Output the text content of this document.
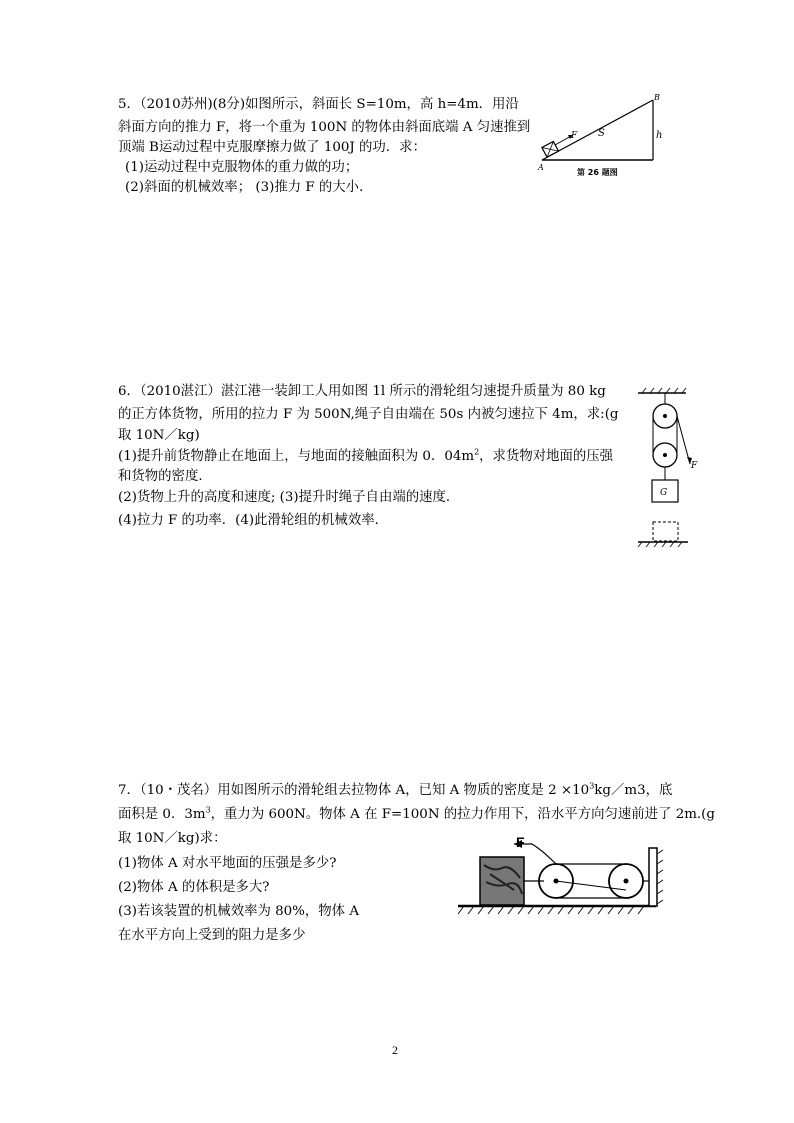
5．（2010苏州)(8分)如图所示，斜面长 S=10m，高 h=4m．用沿
斜面方向的推力 F，将一个重为 100N 的物体由斜面底端 A 匀速推到
顶端 B运动过程中克服摩擦力做了 100J 的功．求：
(1)运动过程中克服物体的重力做的功；
(2)斜面的机械效率； (3)推力 F 的大小．
F S	h
B
A
第 26 题图
6．（2010湛江）湛江港一装卸工人用如图 1l 所示的滑轮组匀速提升质量为 80 kg
的正方体货物，所用的拉力 F 为 500N,绳子自由端在 50s 内被匀速拉下 4m，求:(g
取 10N／kg)
(1)提升前货物静止在地面上，与地面的接触面积为 0．$04m^2$，求货物对地面的压强
和货物的密度．
(2)货物上升的高度和速度; (3)提升时绳子自由端的速度．
(4)拉力 F 的功率．(4)此滑轮组的机械效率．
F
G
7．（10・茂名）用如图所示的滑轮组去拉物体 A，已知 A 物质的密度是 $2 \times 10^3kg/m3$，底
面积是 0．$3m^3$，重力为 600N。物体 A 在 F=100N 的拉力作用下，沿水平方向匀速前进了 2m.(g
取 10N／kg)求：
(1)物体 A 对水平地面的压强是多少?
(2)物体 A 的体积是多大?
(3)若该装置的机械效率为 80%，物体 A
在水平方向上受到的阻力是多少
F
2
